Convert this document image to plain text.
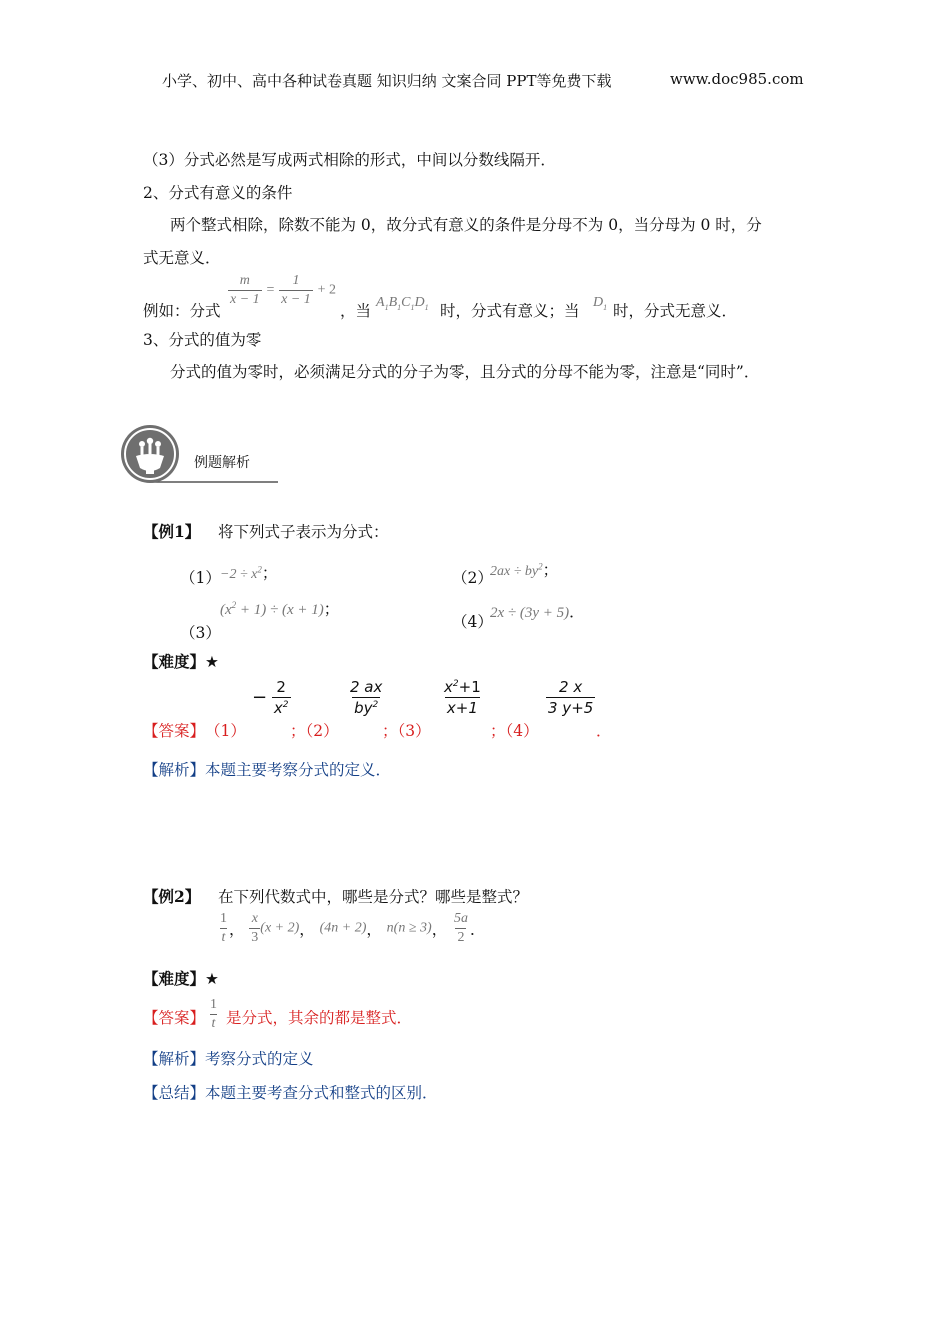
小学、初中、高中各种试卷真题 知识归纳 文案合同 PPT等免费下载	www.doc985.com
（3）分式必然是写成两式相除的形式，中间以分数线隔开．
2、分式有意义的条件
两个整式相除，除数不能为 0，故分式有意义的条件是分母不为 0，当分母为 0 时，分
式无意义．
例如：分式
$\frac{m}{x - 1} = \frac{1}{x - 1} + 2$
，当 $A_1B_1C_1D_1$ 时，分式有意义；当 $D_1$ 时，分式无意义．
3、分式的值为零
分式的值为零时，必须满足分式的分子为零，且分式的分母不能为零，注意是“同时”．
例题解析
【例1】 将下列式子表示为分式：
$(1) -2 \div x^2$；	（2）
$2ax \div by^2$；
$(x^2 + 1) \div (x + 1)$；
（3）
（4）
2x ÷ (3y + 5)．
【难度】★
− $\frac{2}{x^2}$	$\frac{2 ax}{by^2}$	$\frac{x^2+1}{x+1}$	$\frac{2 x}{3 y+5}$
【答案】 （1）	；（2）	；（3）	；（4）	．
【解析】本题主要考察分式的定义．
【例2】 在下列代数式中，哪些是分式？哪些是整式？
$\frac{1}{t}$ ， $\frac{x}{3} (x + 2)$， (4n + 2)， n(n ≥ 3)， $\frac{5a}{2}$ ．
【难度】★
【答案】 $\frac{1}{t}$ 是分式，其余的都是整式．
【解析】考察分式的定义
【总结】本题主要考查分式和整式的区别．
